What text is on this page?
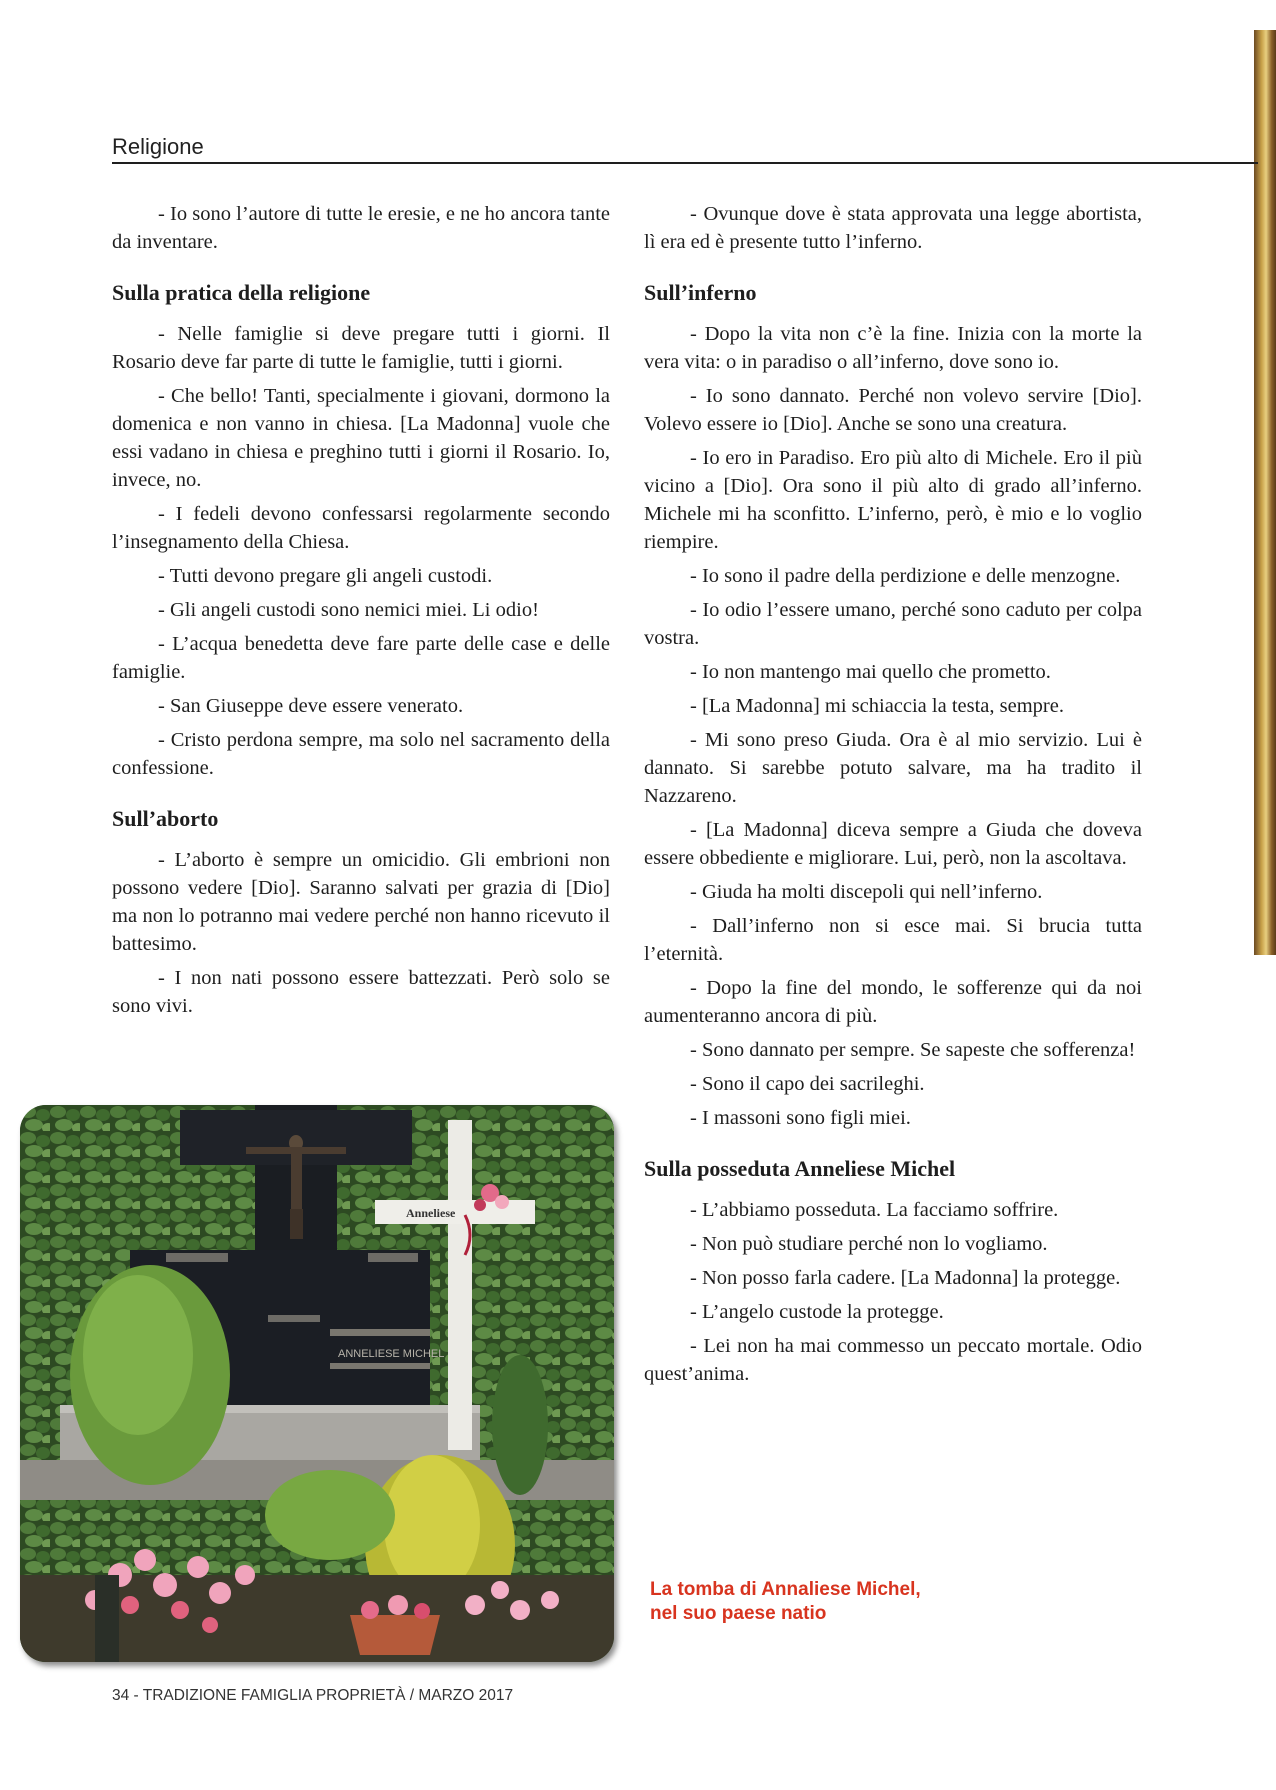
Religione

- Io sono l’autore di tutte le eresie, e ne ho ancora tante da inventare.

Sulla pratica della religione

- Nelle famiglie si deve pregare tutti i giorni. Il Rosario deve far parte di tutte le famiglie, tutti i giorni.

- Che bello! Tanti, specialmente i giovani, dormono la domenica e non vanno in chiesa. [La Madonna] vuole che essi vadano in chiesa e preghino tutti i giorni il Rosario. Io, invece, no.

- I fedeli devono confessarsi regolarmente secondo l’insegnamento della Chiesa.

- Tutti devono pregare gli angeli custodi.

- Gli angeli custodi sono nemici miei. Li odio!

- L’acqua benedetta deve fare parte delle case e delle famiglie.

- San Giuseppe deve essere venerato.

- Cristo perdona sempre, ma solo nel sacramento della confessione.

Sull’aborto

- L’aborto è sempre un omicidio. Gli embrioni non possono vedere [Dio]. Saranno salvati per grazia di [Dio] ma non lo potranno mai vedere perché non hanno ricevuto il battesimo.

- I non nati possono essere battezzati. Però solo se sono vivi.

- Ovunque dove è stata approvata una legge abortista, lì era ed è presente tutto l’inferno.

Sull’inferno

- Dopo la vita non c’è la fine. Inizia con la morte la vera vita: o in paradiso o all’inferno, dove sono io.

- Io sono dannato. Perché non volevo servire [Dio]. Volevo essere io [Dio]. Anche se sono una creatura.

- Io ero in Paradiso. Ero più alto di Michele. Ero il più vicino a [Dio]. Ora sono il più alto di grado all’inferno. Michele mi ha sconfitto. L’inferno, però, è mio e lo voglio riempire.

- Io sono il padre della perdizione e delle menzogne.

- Io odio l’essere umano, perché sono caduto per colpa vostra.

- Io non mantengo mai quello che prometto.

- [La Madonna] mi schiaccia la testa, sempre.

- Mi sono preso Giuda. Ora è al mio servizio. Lui è dannato. Si sarebbe potuto salvare, ma ha tradito il Nazzareno.

- [La Madonna] diceva sempre a Giuda che doveva essere obbediente e migliorare. Lui, però, non la ascoltava.

- Giuda ha molti discepoli qui nell’inferno.

- Dall’inferno non si esce mai. Si brucia tutta l’eternità.

- Dopo la fine del mondo, le sofferenze qui da noi aumenteranno ancora di più.

- Sono dannato per sempre. Se sapeste che sofferenza!

- Sono il capo dei sacrileghi.

- I massoni sono figli miei.

Sulla posseduta Anneliese Michel

- L’abbiamo posseduta. La facciamo soffrire.

- Non può studiare perché non lo vogliamo.

- Non posso farla cadere. [La Madonna] la protegge.

- L’angelo custode la protegge.

- Lei non ha mai commesso un peccato mortale. Odio quest’anima.

ANNELIESE MICHEL
Anneliese
La tomba di Annaliese Michel,
nel suo paese natio
34 - TRADIZIONE FAMIGLIA PROPRIETÀ / MARZO 2017
